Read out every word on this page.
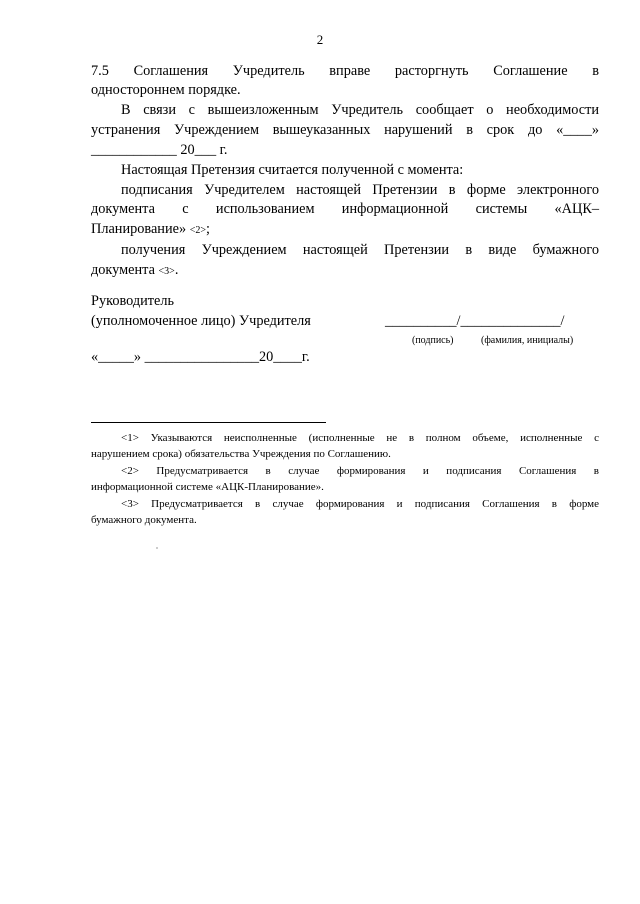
2
7.5 Соглашения Учредитель вправе расторгнуть Соглашение в
одностороннем порядке.
В связи с вышеизложенным Учредитель сообщает о необходимости
устранения Учреждением вышеуказанных нарушений в срок до «____»
____________ 20___ г.
Настоящая Претензия считается полученной с момента:
подписания Учредителем настоящей Претензии в форме электронного
документа с использованием информационной системы «АЦК–
Планирование» <2>;
получения Учреждением настоящей Претензии в виде бумажного
документа <3>.
Руководитель
(уполномоченное лицо) Учредителя	__________/______________/
(подпись)	(фамилия, инициалы)
«_____» ________________20____г.
<1> Указываются неисполненные (исполненные не в полном объеме, исполненные с
нарушением срока) обязательства Учреждения по Соглашению.
<2> Предусматривается в случае формирования и подписания Соглашения в
информационной системе «АЦК-Планирование».
<3> Предусматривается в случае формирования и подписания Соглашения в форме
бумажного документа.
